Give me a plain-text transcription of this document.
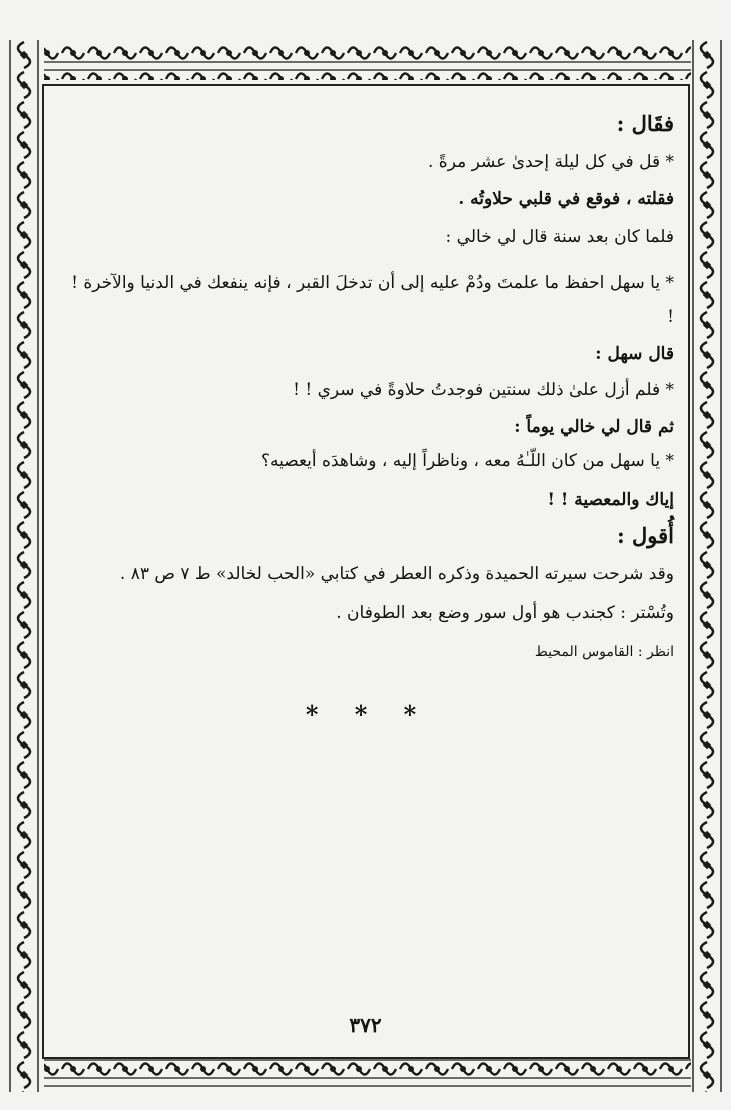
فقَال :

* قل في كل ليلة إحدىٰ عشر مرةً .

فقلته ، فوقع في قلبي حلاوتُه .

فلما كان بعد سنة قال لي خالي :

* يا سهل احفظ ما علمتَ ودُمْ عليه إلى أن تدخلَ القبر ، فإنه ينفعك في الدنيا والآخرة ! !

قال سهل :

* فلم أزل علىٰ ذلك سنتين فوجدتُ حلاوةً في سري ! !

ثم قال لي خالي يوماً :

* يا سهل من كان اللّـٰهُ معه ، وناظراً إليه ، وشاهدَه أيعصيه؟

إياك والمعصية ! !

أُقول :

وقد شرحت سيرته الحميدة وذكره العطر في كتابي «الحب لخالد» ط ٧ ص ٨٣ .

وتُسْتر : كجندب هو أول سور وضع بعد الطوفان .

انظر : القاموس المحيط

* * *

٣٧٢
